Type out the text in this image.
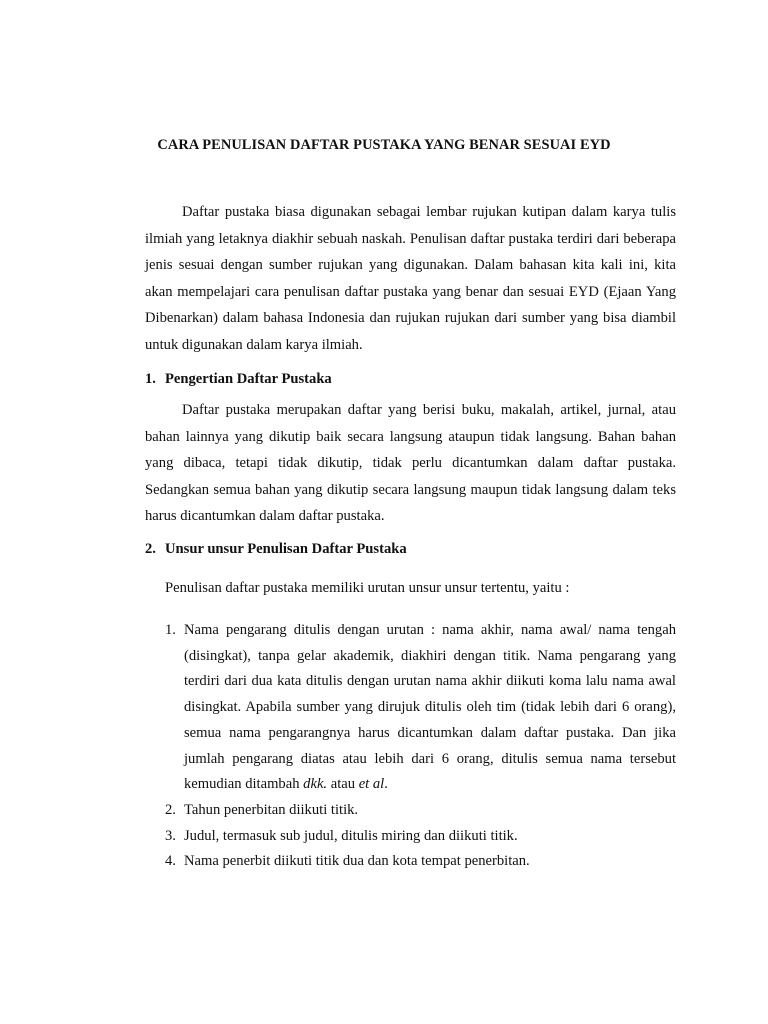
CARA PENULISAN DAFTAR PUSTAKA YANG BENAR SESUAI EYD
Daftar pustaka biasa digunakan sebagai lembar rujukan kutipan dalam karya tulis ilmiah yang letaknya diakhir sebuah naskah. Penulisan daftar pustaka terdiri dari beberapa jenis sesuai dengan sumber rujukan yang digunakan. Dalam bahasan kita kali ini, kita akan mempelajari cara penulisan daftar pustaka yang benar dan sesuai EYD (Ejaan Yang Dibenarkan) dalam bahasa Indonesia dan rujukan rujukan dari sumber yang bisa diambil untuk digunakan dalam karya ilmiah.
1. Pengertian Daftar Pustaka
Daftar pustaka merupakan daftar yang berisi buku, makalah, artikel, jurnal, atau bahan lainnya yang dikutip baik secara langsung ataupun tidak langsung. Bahan bahan yang dibaca, tetapi tidak dikutip, tidak perlu dicantumkan dalam daftar pustaka. Sedangkan semua bahan yang dikutip secara langsung maupun tidak langsung dalam teks harus dicantumkan dalam daftar pustaka.
2. Unsur unsur Penulisan Daftar Pustaka
Penulisan daftar pustaka memiliki urutan unsur unsur tertentu, yaitu :
1. Nama pengarang ditulis dengan urutan : nama akhir, nama awal/ nama tengah (disingkat), tanpa gelar akademik, diakhiri dengan titik. Nama pengarang yang terdiri dari dua kata ditulis dengan urutan nama akhir diikuti koma lalu nama awal disingkat. Apabila sumber yang dirujuk ditulis oleh tim (tidak lebih dari 6 orang), semua nama pengarangnya harus dicantumkan dalam daftar pustaka. Dan jika jumlah pengarang diatas atau lebih dari 6 orang, ditulis semua nama tersebut kemudian ditambah dkk. atau et al.
2. Tahun penerbitan diikuti titik.
3. Judul, termasuk sub judul, ditulis miring dan diikuti titik.
4. Nama penerbit diikuti titik dua dan kota tempat penerbitan.
